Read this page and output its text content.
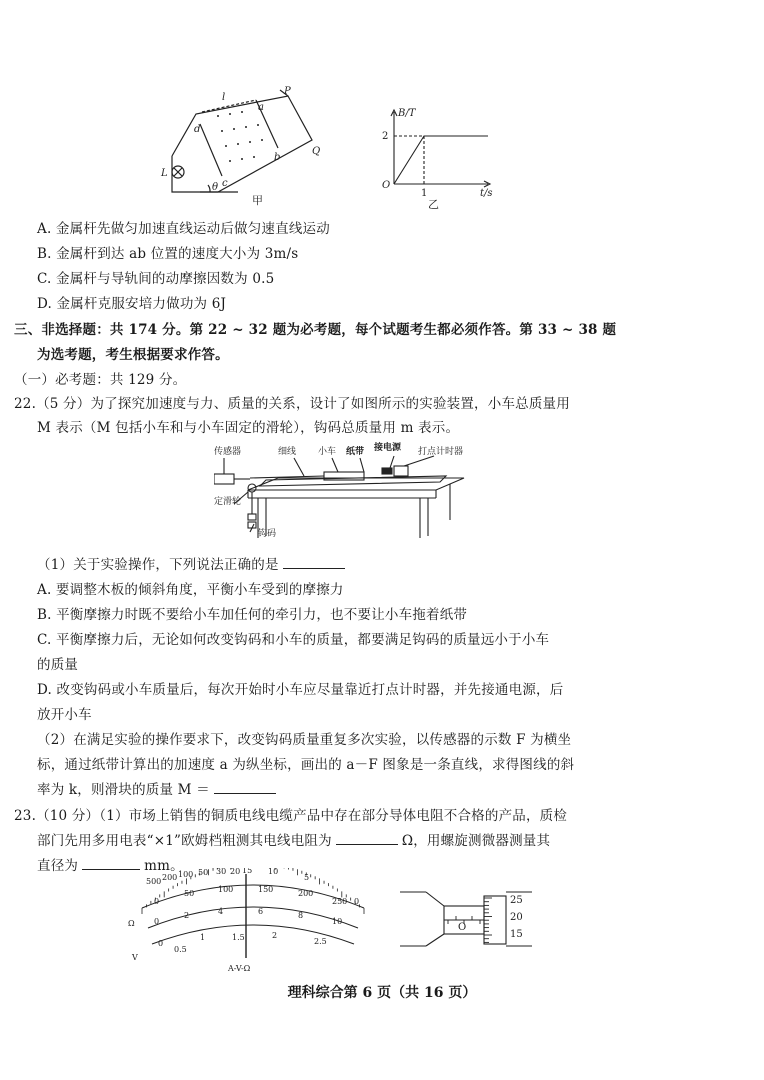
P
l
a
d
b
Q
L
c
θ
甲
B/T
2
1
O
t/s
乙
A. 金属杆先做匀加速直线运动后做匀速直线运动
B. 金属杆到达 ab 位置的速度大小为 3m/s
C. 金属杆与导轨间的动摩擦因数为 0.5
D. 金属杆克服安培力做功为 6J
三、非选择题：共 174 分。第 22 ~ 32 题为必考题，每个试题考生都必须作答。第 33 ~ 38 题
为选考题，考生根据要求作答。
（一）必考题：共 129 分。
22.（5 分）为了探究加速度与力、质量的关系，设计了如图所示的实验装置，小车总质量用
M 表示（M 包括小车和与小车固定的滑轮），钩码总质量用 m 表示。
传感器	细线 小车 纸带 接电源 打点计时器
定滑轮
钩码
（1）关于实验操作，下列说法正确的是
A. 要调整木板的倾斜角度，平衡小车受到的摩擦力
B. 平衡摩擦力时既不要给小车加任何的牵引力，也不要让小车拖着纸带
C. 平衡摩擦力后，无论如何改变钩码和小车的质量，都要满足钩码的质量远小于小车
的质量
D. 改变钩码或小车质量后，每次开始时小车应尽量靠近打点计时器，并先接通电源，后
放开小车
（2）在满足实验的操作要求下，改变钩码质量重复多次实验，以传感器的示数 F 为横坐
标，通过纸带计算出的加速度 a 为纵坐标，画出的 a－F 图象是一条直线，求得图线的斜
率为 k，则滑块的质量 M ＝
23.（10 分）（1）市场上销售的铜质电线电缆产品中存在部分导体电阻不合格的产品，质检
部门先用多用电表“×1”欧姆档粗测其电线电阻为	Ω，用螺旋测微器测量其
直径为	mm。
500 200 100 50 30 20 15 10
5
0
0
50	100	150	200
250
0
2	4	6	8
10
0
0.5
1	1.5	2
2.5
Ω
V
A-V-Ω
25
20
15
O
理科综合第 6 页（共 16 页）
